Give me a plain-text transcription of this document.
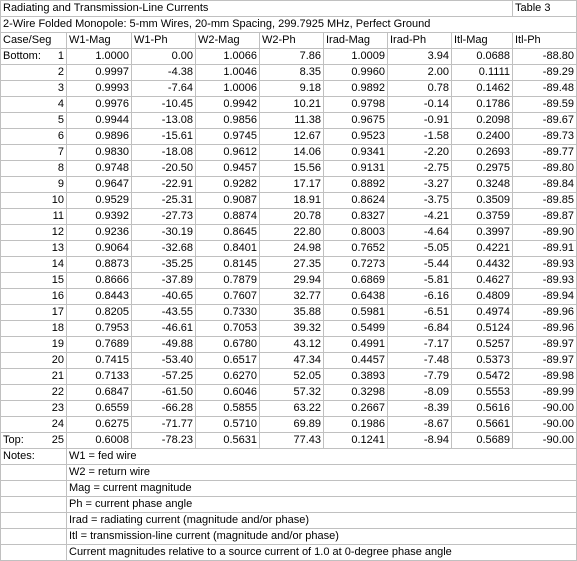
Radiating and Transmission-Line Currents								Table 3
2-Wire Folded Monopole: 5-mm Wires, 20-mm Spacing, 299.7925 MHz, Perfect Ground								
Case/Seg	W1-Mag	W1-Ph	W2-Mag	W2-Ph	Irad-Mag	Irad-Ph	Itl-Mag	Itl-Ph

Bottom: 1	1.0000	0.00	1.0066	7.86	1.0009	3.94	0.0688	-88.80

2	0.9997	-4.38	1.0046	8.35	0.9960	2.00	0.1111	-89.29

3	0.9993	-7.64	1.0006	9.18	0.9892	0.78	0.1462	-89.48

4	0.9976	-10.45	0.9942	10.21	0.9798	-0.14	0.1786	-89.59

5	0.9944	-13.08	0.9856	11.38	0.9675	-0.91	0.2098	-89.67

6	0.9896	-15.61	0.9745	12.67	0.9523	-1.58	0.2400	-89.73

7	0.9830	-18.08	0.9612	14.06	0.9341	-2.20	0.2693	-89.77

8	0.9748	-20.50	0.9457	15.56	0.9131	-2.75	0.2975	-89.80

9	0.9647	-22.91	0.9282	17.17	0.8892	-3.27	0.3248	-89.84

10	0.9529	-25.31	0.9087	18.91	0.8624	-3.75	0.3509	-89.85

11	0.9392	-27.73	0.8874	20.78	0.8327	-4.21	0.3759	-89.87

12	0.9236	-30.19	0.8645	22.80	0.8003	-4.64	0.3997	-89.90

13	0.9064	-32.68	0.8401	24.98	0.7652	-5.05	0.4221	-89.91

14	0.8873	-35.25	0.8145	27.35	0.7273	-5.44	0.4432	-89.93

15	0.8666	-37.89	0.7879	29.94	0.6869	-5.81	0.4627	-89.93

16	0.8443	-40.65	0.7607	32.77	0.6438	-6.16	0.4809	-89.94

17	0.8205	-43.55	0.7330	35.88	0.5981	-6.51	0.4974	-89.96

18	0.7953	-46.61	0.7053	39.32	0.5499	-6.84	0.5124	-89.96

19	0.7689	-49.88	0.6780	43.12	0.4991	-7.17	0.5257	-89.97

20	0.7415	-53.40	0.6517	47.34	0.4457	-7.48	0.5373	-89.97

21	0.7133	-57.25	0.6270	52.05	0.3893	-7.79	0.5472	-89.98

22	0.6847	-61.50	0.6046	57.32	0.3298	-8.09	0.5553	-89.99

23	0.6559	-66.28	0.5855	63.22	0.2667	-8.39	0.5616	-90.00

24	0.6275	-71.77	0.5710	69.89	0.1986	-8.67	0.5661	-90.00

Top: 25	0.6008	-78.23	0.5631	77.43	0.1241	-8.94	0.5689	-90.00
Notes:	W1 = fed wire							
	W2 = return wire							
	Mag = current magnitude							
	Ph = current phase angle							
	Irad = radiating current (magnitude and/or phase)							
	Itl = transmission-line current (magnitude and/or phase)							
	Current magnitudes relative to a source current of 1.0 at 0-degree phase angle							
